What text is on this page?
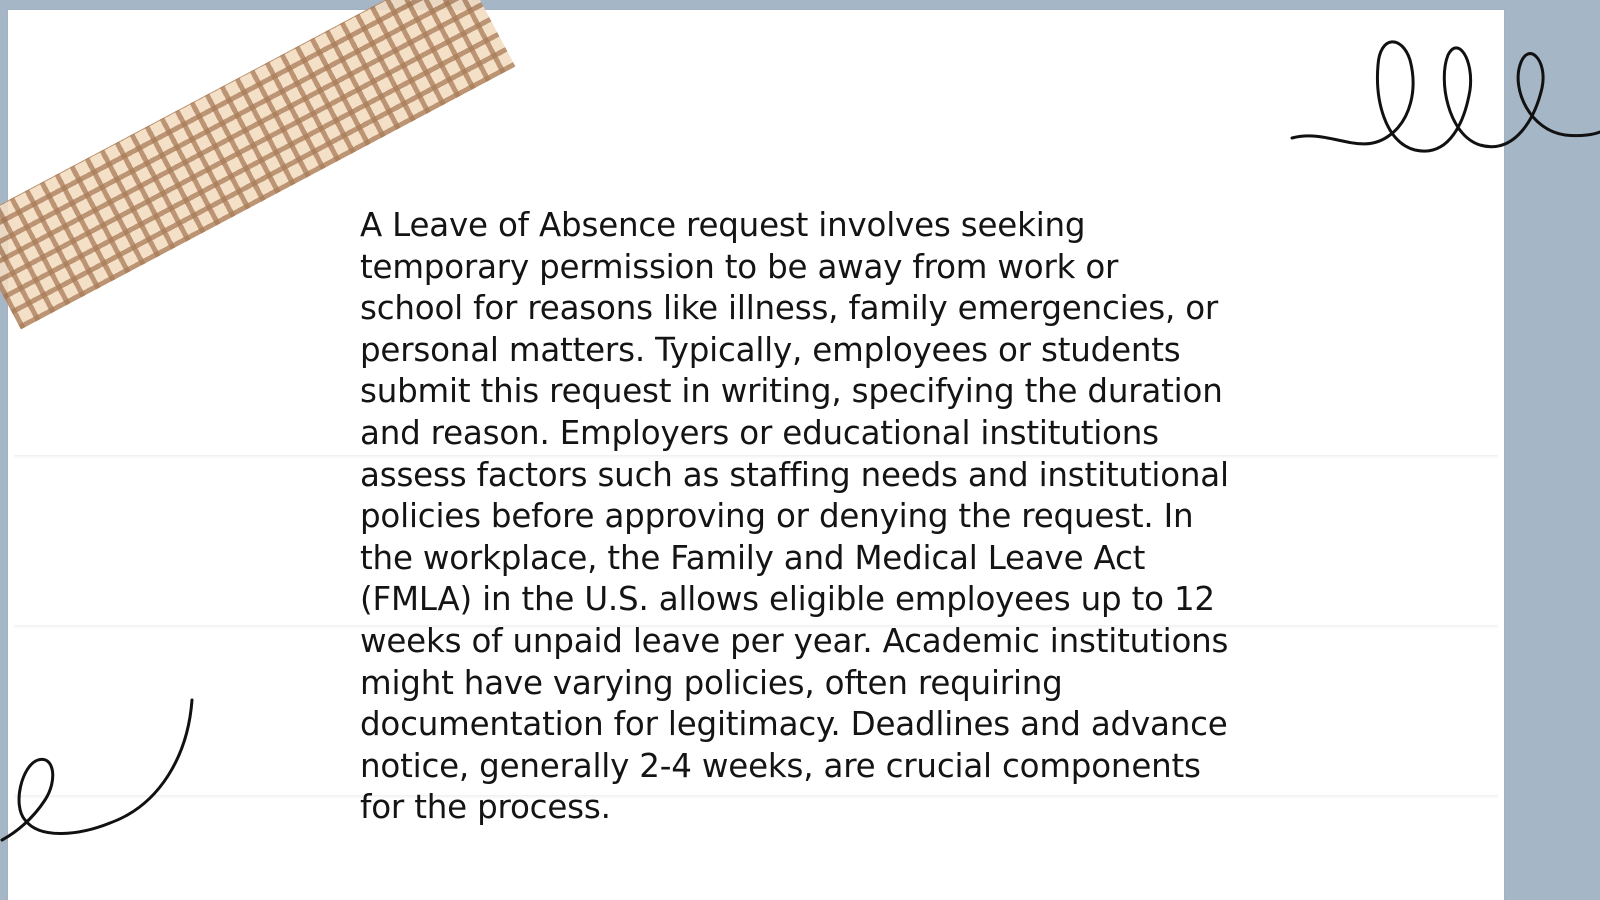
A Leave of Absence request involves seeking
temporary permission to be away from work or
school for reasons like illness, family emergencies, or
personal matters. Typically, employees or students
submit this request in writing, specifying the duration
and reason. Employers or educational institutions
assess factors such as staffing needs and institutional
policies before approving or denying the request. In
the workplace, the Family and Medical Leave Act
(FMLA) in the U.S. allows eligible employees up to 12
weeks of unpaid leave per year. Academic institutions
might have varying policies, often requiring
documentation for legitimacy. Deadlines and advance
notice, generally 2-4 weeks, are crucial components
for the process.
